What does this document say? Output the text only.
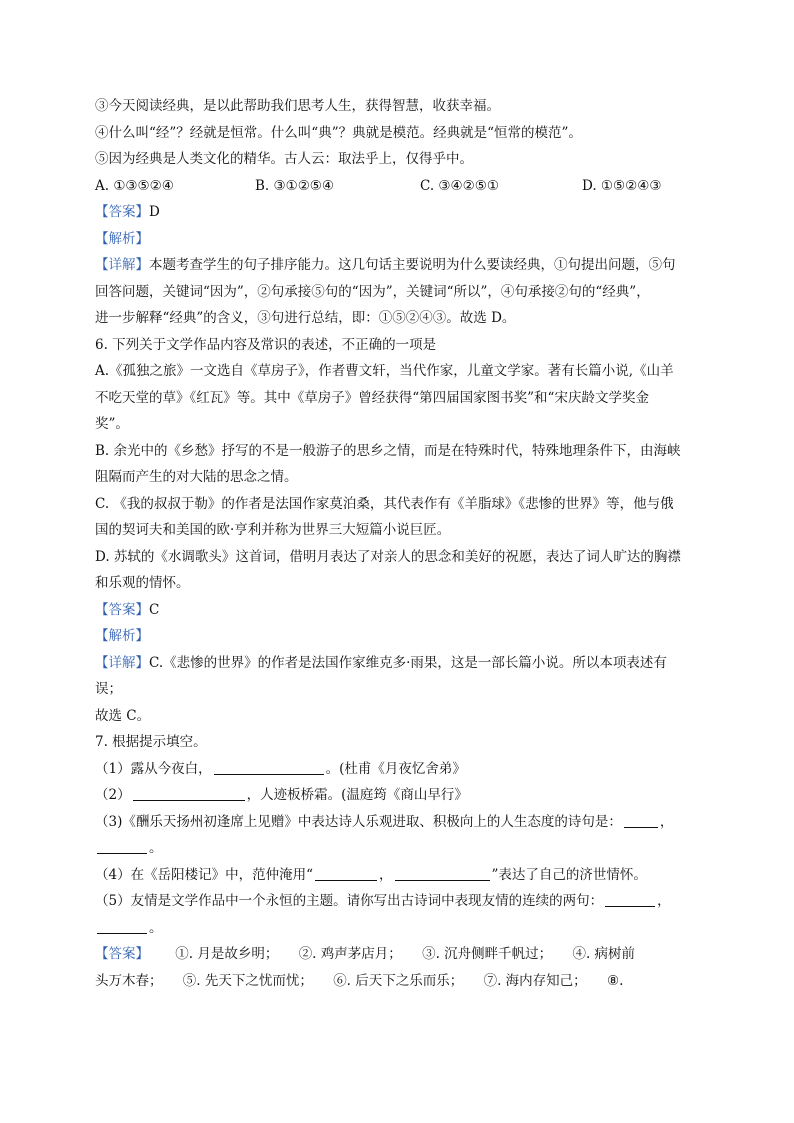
③今天阅读经典，是以此帮助我们思考人生，获得智慧，收获幸福。
④什么叫“经”？经就是恒常。什么叫“典”？典就是模范。经典就是“恒常的模范”。
⑤因为经典是人类文化的精华。古人云：取法乎上，仅得乎中。
A. ①③⑤②④	B. ③①②⑤④	C. ③④②⑤①	D. ①⑤②④③
【答案】D
【解析】
【详解】本题考查学生的句子排序能力。这几句话主要说明为什么要读经典，①句提出问题，⑤句
回答问题，关键词“因为”，②句承接⑤句的“因为”，关键词“所以”，④句承接②句的“经典”，
进一步解释“经典”的含义，③句进行总结，即：①⑤②④③。故选 D。
6. 下列关于文学作品内容及常识的表述，不正确的一项是
A.《孤独之旅》一文选自《草房子》，作者曹文轩，当代作家，儿童文学家。著有长篇小说,《山羊
不吃天堂的草》《红瓦》等。其中《草房子》曾经获得“第四届国家图书奖”和“宋庆龄文学奖金
奖”。
B. 余光中的《乡愁》抒写的不是一般游子的思乡之情，而是在特殊时代，特殊地理条件下，由海峡
阻隔而产生的对大陆的思念之情。
C. 《我的叔叔于勒》的作者是法国作家莫泊桑，其代表作有《羊脂球》《悲惨的世界》等，他与俄
国的契诃夫和美国的欧·亨利并称为世界三大短篇小说巨匠。
D. 苏轼的《水调歌头》这首词，借明月表达了对亲人的思念和美好的祝愿，表达了词人旷达的胸襟
和乐观的情怀。
【答案】C
【解析】
【详解】C.《悲惨的世界》的作者是法国作家维克多·雨果，这是一部长篇小说。所以本项表述有
误；
故选 C。
7. 根据提示填空。
（1）露从今夜白，	。(杜甫《月夜忆舍弟》
（2）	，人迹板桥霜。(温庭筠《商山早行》
（3)《酬乐天扬州初逢席上见赠》中表达诗人乐观进取、积极向上的人生态度的诗句是：	，
。
（4）在《岳阳楼记》中，范仲淹用“	，	”表达了自己的济世情怀。
（5）友情是文学作品中一个永恒的主题。请你写出古诗词中表现友情的连续的两句：	，
。
【答案】 ①. 月是故乡明； ②. 鸡声茅店月； ③. 沉舟侧畔千帆过； ④. 病树前
头万木春； ⑤. 先天下之忧而忧； ⑥. 后天下之乐而乐； ⑦. 海内存知己； ⑧.
